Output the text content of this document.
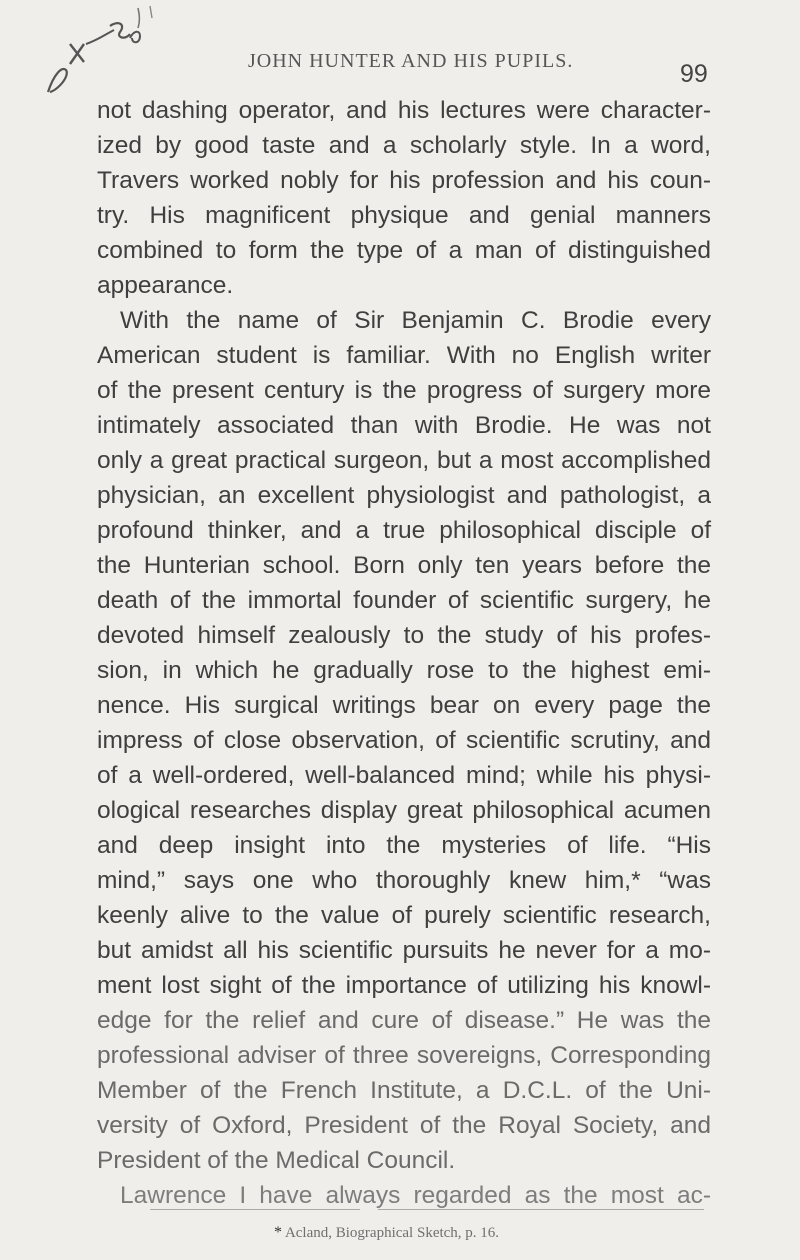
JOHN HUNTER AND HIS PUPILS.	99
not dashing operator, and his lectures were character-
ized by good taste and a scholarly style. In a word,
Travers worked nobly for his profession and his coun-
try. His magnificent physique and genial manners
combined to form the type of a man of distinguished
appearance.
With the name of Sir Benjamin C. Brodie every
American student is familiar. With no English writer
of the present century is the progress of surgery more
intimately associated than with Brodie. He was not
only a great practical surgeon, but a most accomplished
physician, an excellent physiologist and pathologist, a
profound thinker, and a true philosophical disciple of
the Hunterian school. Born only ten years before the
death of the immortal founder of scientific surgery, he
devoted himself zealously to the study of his profes-
sion, in which he gradually rose to the highest emi-
nence. His surgical writings bear on every page the
impress of close observation, of scientific scrutiny, and
of a well-ordered, well-balanced mind; while his physi-
ological researches display great philosophical acumen
and deep insight into the mysteries of life. “His
mind,” says one who thoroughly knew him,* “was
keenly alive to the value of purely scientific research,
but amidst all his scientific pursuits he never for a mo-
ment lost sight of the importance of utilizing his knowl-
edge for the relief and cure of disease.” He was the
professional adviser of three sovereigns, Corresponding
Member of the French Institute, a D.C.L. of the Uni-
versity of Oxford, President of the Royal Society, and
President of the Medical Council.
Lawrence I have always regarded as the most ac-
* Acland, Biographical Sketch, p. 16.
